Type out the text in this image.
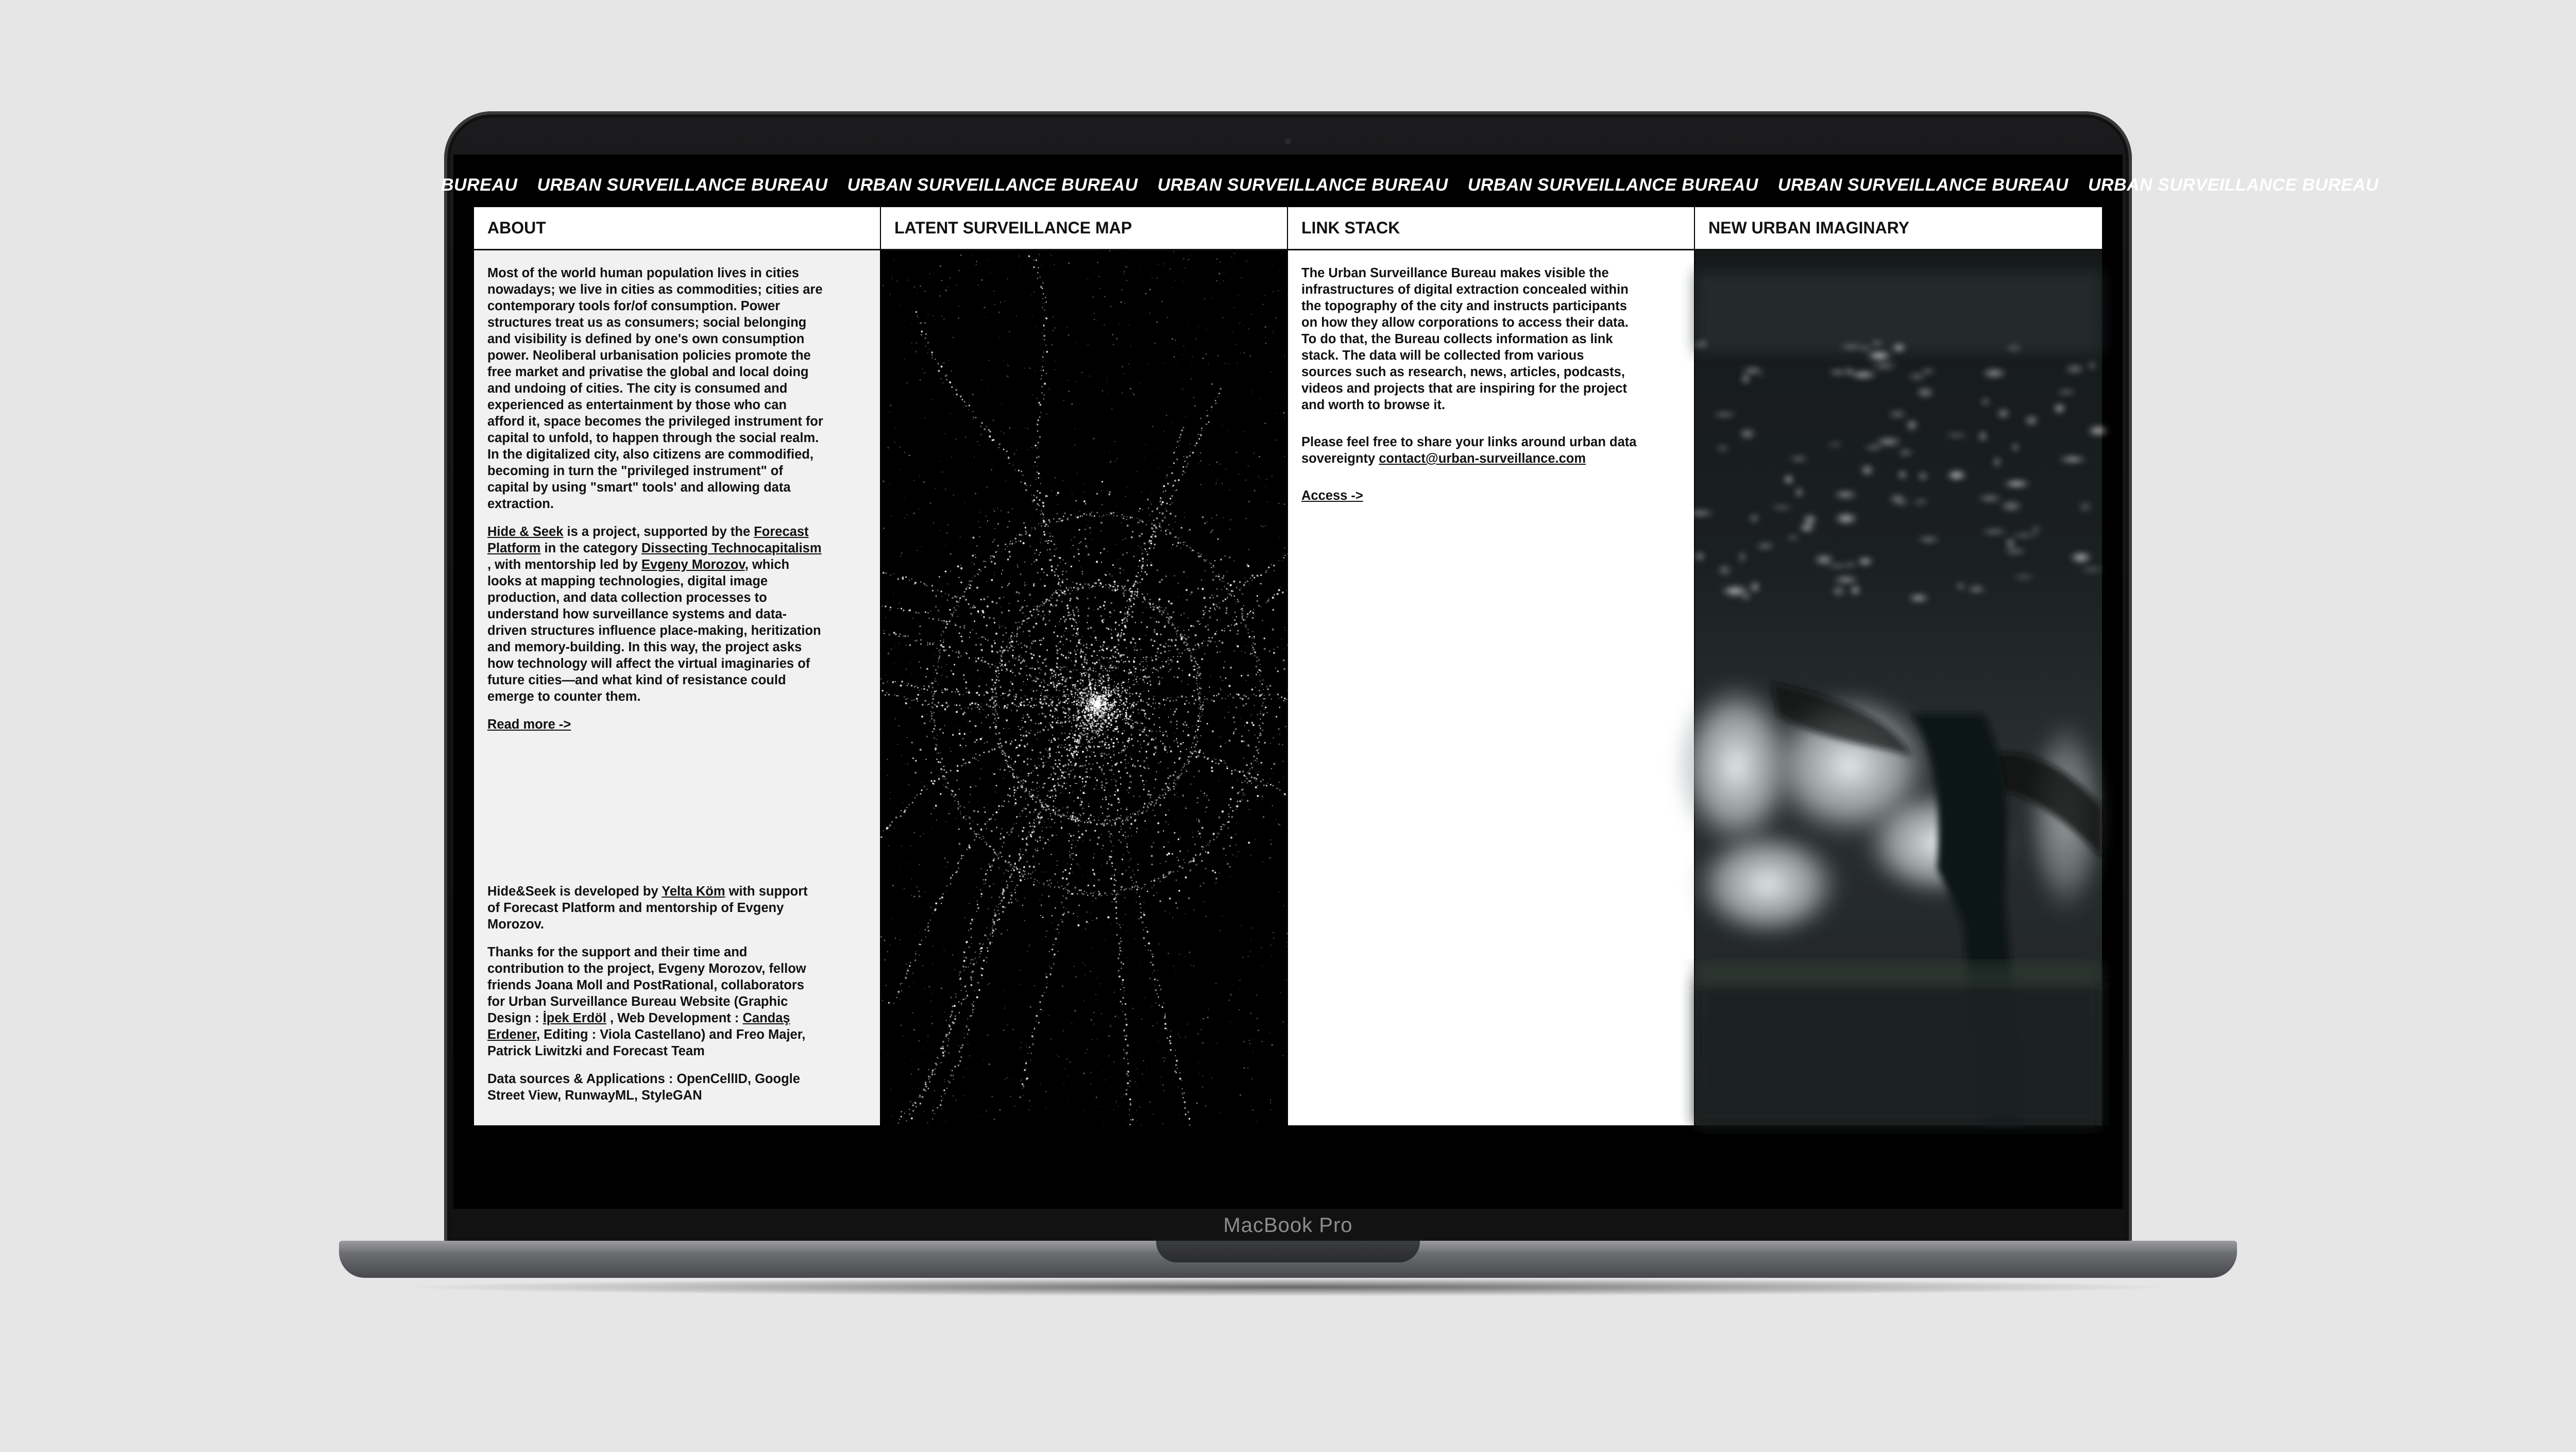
BUREAU URBAN SURVEILLANCE BUREAU URBAN SURVEILLANCE BUREAU URBAN SURVEILLANCE BUREAU URBAN SURVEILLANCE BUREAU URBAN SURVEILLANCE BUREAU URBAN SURVEILLANCE BUREAU
ABOUT

Most of the world human population lives in cities nowadays; we live in cities as commodities; cities are contemporary tools for/of consumption. Power structures treat us as consumers; social belonging and visibility is defined by one's own consumption power. Neoliberal urbanisation policies promote the free market and privatise the global and local doing and undoing of cities. The city is consumed and experienced as entertainment by those who can afford it, space becomes the privileged instrument for capital to unfold, to happen through the social realm. In the digitalized city, also citizens are commodified, becoming in turn the "privileged instrument" of capital by using "smart" tools' and allowing data extraction.

Hide & Seek is a project, supported by the Forecast Platform in the category Dissecting Technocapitalism , with mentorship led by Evgeny Morozov, which looks at mapping technologies, digital image production, and data collection processes to understand how surveillance systems and data-driven structures influence place-making, heritization and memory-building. In this way, the project asks how technology will affect the virtual imaginaries of future cities—and what kind of resistance could emerge to counter them.

Read more ->

Hide&Seek is developed by Yelta Köm with support of Forecast Platform and mentorship of Evgeny Morozov.

Thanks for the support and their time and contribution to the project, Evgeny Morozov, fellow friends Joana Moll and PostRational, collaborators for Urban Surveillance Bureau Website (Graphic Design : İpek Erdöl , Web Development : Candaş Erdener, Editing : Viola Castellano) and Freo Majer, Patrick Liwitzki and Forecast Team

Data sources & Applications : OpenCellID, Google Street View, RunwayML, StyleGAN

LATENT SURVEILLANCE MAP	LINK STACK

The Urban Surveillance Bureau makes visible the infrastructures of digital extraction concealed within the topography of the city and instructs participants on how they allow corporations to access their data. To do that, the Bureau collects information as link stack. The data will be collected from various sources such as research, news, articles, podcasts, videos and projects that are inspiring for the project and worth to browse it.

Please feel free to share your links around urban data sovereignty contact@urban-surveillance.com

Access ->

NEW URBAN IMAGINARY
MacBook Pro
